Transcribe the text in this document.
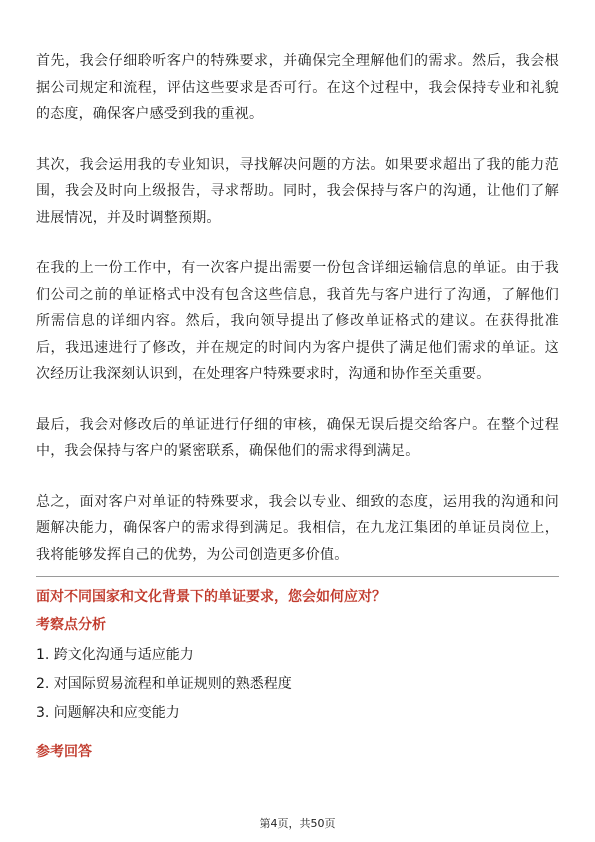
首先，我会仔细聆听客户的特殊要求，并确保完全理解他们的需求。然后，我会根据公司规定和流程，评估这些要求是否可行。在这个过程中，我会保持专业和礼貌的态度，确保客户感受到我的重视。

其次，我会运用我的专业知识，寻找解决问题的方法。如果要求超出了我的能力范围，我会及时向上级报告，寻求帮助。同时，我会保持与客户的沟通，让他们了解进展情况，并及时调整预期。

在我的上一份工作中，有一次客户提出需要一份包含详细运输信息的单证。由于我们公司之前的单证格式中没有包含这些信息，我首先与客户进行了沟通，了解他们所需信息的详细内容。然后，我向领导提出了修改单证格式的建议。在获得批准后，我迅速进行了修改，并在规定的时间内为客户提供了满足他们需求的单证。这次经历让我深刻认识到，在处理客户特殊要求时，沟通和协作至关重要。

最后，我会对修改后的单证进行仔细的审核，确保无误后提交给客户。在整个过程中，我会保持与客户的紧密联系，确保他们的需求得到满足。

总之，面对客户对单证的特殊要求，我会以专业、细致的态度，运用我的沟通和问题解决能力，确保客户的需求得到满足。我相信，在九龙江集团的单证员岗位上，我将能够发挥自己的优势，为公司创造更多价值。

面对不同国家和文化背景下的单证要求，您会如何应对？
考察点分析
1. 跨文化沟通与适应能力
2. 对国际贸易流程和单证规则的熟悉程度
3. 问题解决和应变能力
参考回答
第4页，共50页
